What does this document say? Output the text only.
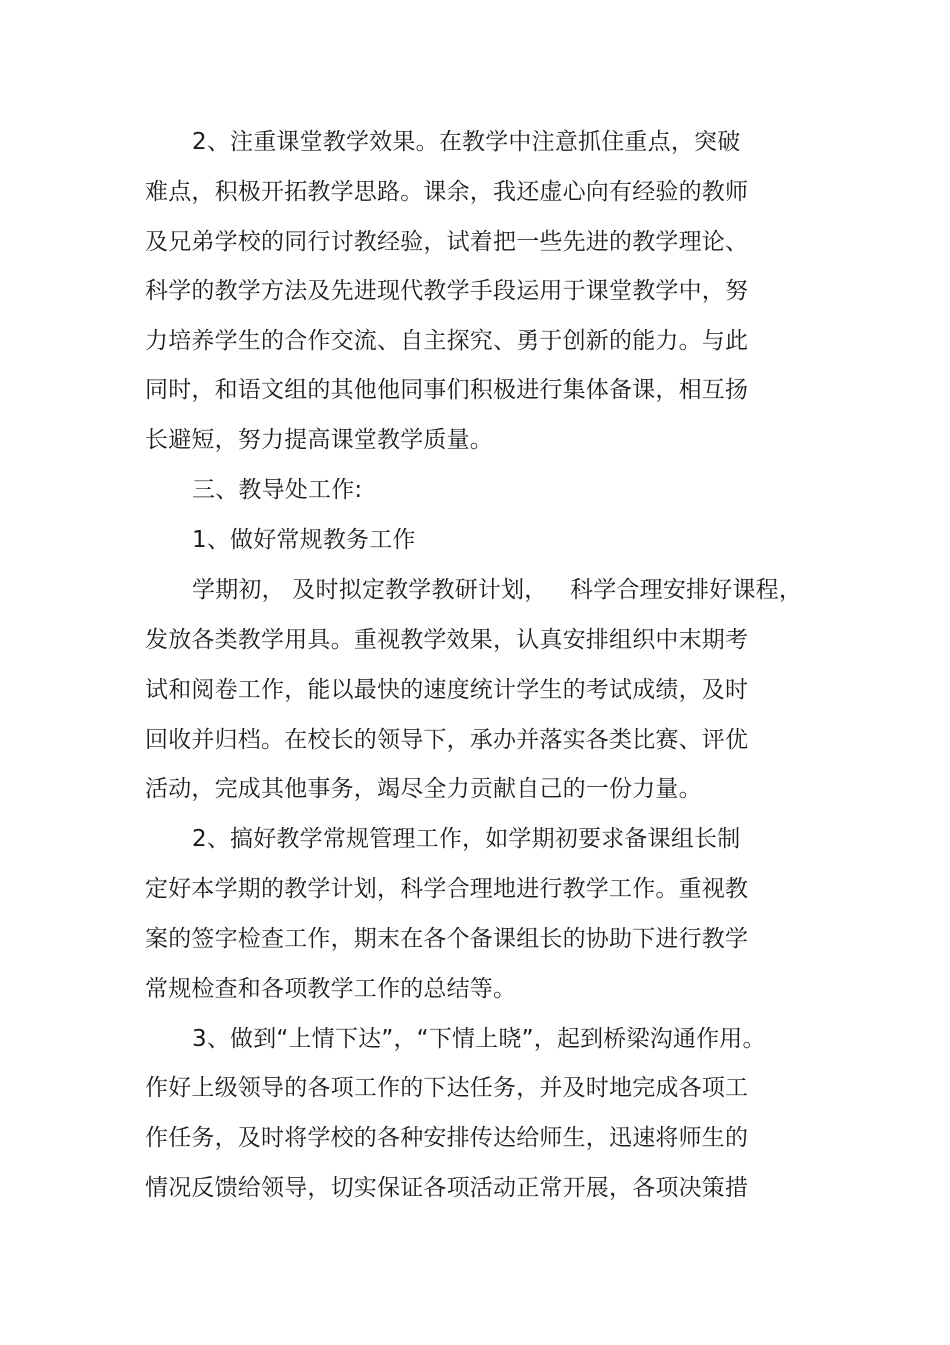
2、注重课堂教学效果。在教学中注意抓住重点，突破
难点，积极开拓教学思路。课余，我还虚心向有经验的教师
及兄弟学校的同行讨教经验，试着把一些先进的教学理论、
科学的教学方法及先进现代教学手段运用于课堂教学中，努
力培养学生的合作交流、自主探究、勇于创新的能力。与此
同时，和语文组的其他他同事们积极进行集体备课，相互扬
长避短，努力提高课堂教学质量。
三、教导处工作:
1、做好常规教务工作
学期初， 及时拟定教学教研计划，   科学合理安排好课程，
发放各类教学用具。重视教学效果，认真安排组织中末期考
试和阅卷工作，能以最快的速度统计学生的考试成绩，及时
回收并归档。在校长的领导下，承办并落实各类比赛、评优
活动，完成其他事务，竭尽全力贡献自己的一份力量。
2、搞好教学常规管理工作，如学期初要求备课组长制
定好本学期的教学计划，科学合理地进行教学工作。重视教
案的签字检查工作，期末在各个备课组长的协助下进行教学
常规检查和各项教学工作的总结等。
3、做到“上情下达”，“下情上晓”，起到桥梁沟通作用。
作好上级领导的各项工作的下达任务，并及时地完成各项工
作任务，及时将学校的各种安排传达给师生，迅速将师生的
情况反馈给领导，切实保证各项活动正常开展，各项决策措
